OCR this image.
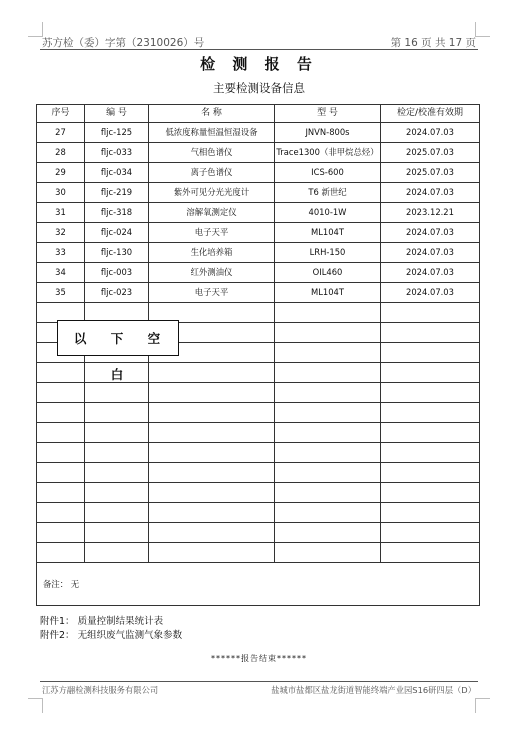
苏方检（委）字第（2310026）号	第 16 页 共 17 页
检 测 报 告
主要检测设备信息
序号	编 号	名 称	型 号	检定/校准有效期
27	fljc-125	低浓度称量恒温恒湿设备	JNVN-800s	2024.07.03
28	fljc-033	气相色谱仪	Trace1300（非甲烷总烃）	2025.07.03
29	fljc-034	离子色谱仪	ICS-600	2025.07.03
30	fljc-219	紫外可见分光光度计	T6 新世纪	2024.07.03
31	fljc-318	溶解氧测定仪	4010-1W	2023.12.21
32	fljc-024	电子天平	ML104T	2024.07.03
33	fljc-130	生化培养箱	LRH-150	2024.07.03
34	fljc-003	红外测油仪	OIL460	2024.07.03
35	fljc-023	电子天平	ML104T	2024.07.03

备注： 无				
以 下 空 白
附件1： 质量控制结果统计表
附件2： 无组织废气监测气象参数
******报告结束******
江苏方翮检测科技服务有限公司	盐城市盐都区盐龙街道智能终端产业园S16研四层（D）
